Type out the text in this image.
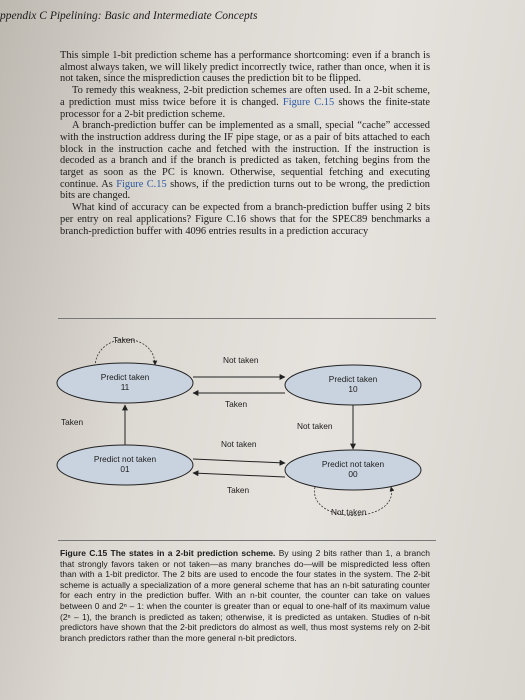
ppendix C Pipelining: Basic and Intermediate Concepts

This simple 1-bit prediction scheme has a performance shortcoming: even if a branch is almost always taken, we will likely predict incorrectly twice, rather than once, when it is not taken, since the misprediction causes the prediction bit to be flipped.

To remedy this weakness, 2-bit prediction schemes are often used. In a 2-bit scheme, a prediction must miss twice before it is changed. Figure C.15 shows the finite-state processor for a 2-bit prediction scheme.

A branch-prediction buffer can be implemented as a small, special “cache” accessed with the instruction address during the IF pipe stage, or as a pair of bits attached to each block in the instruction cache and fetched with the instruction. If the instruction is decoded as a branch and if the branch is predicted as taken, fetching begins from the target as soon as the PC is known. Otherwise, sequential fetching and executing continue. As Figure C.15 shows, if the prediction turns out to be wrong, the prediction bits are changed.

What kind of accuracy can be expected from a branch-prediction buffer using 2 bits per entry on real applications? Figure C.16 shows that for the SPEC89 benchmarks a branch-prediction buffer with 4096 entries results in a prediction accuracy

Taken
Predict taken
11
Predict taken
10
Predict not taken
01	Predict not taken
00
Not taken
Taken
Taken	Not taken
Not taken
Taken
Not taken
Figure C.15 The states in a 2-bit prediction scheme. By using 2 bits rather than 1, a branch that strongly favors taken or not taken—as many branches do—will be mispredicted less often than with a 1-bit predictor. The 2 bits are used to encode the four states in the system. The 2-bit scheme is actually a specialization of a more general scheme that has an n-bit saturating counter for each entry in the prediction buffer. With an n-bit counter, the counter can take on values between 0 and 2ⁿ – 1: when the counter is greater than or equal to one-half of its maximum value (2ⁿ – 1), the branch is predicted as taken; otherwise, it is predicted as untaken. Studies of n-bit predictors have shown that the 2-bit predictors do almost as well, thus most systems rely on 2-bit branch predictors rather than the more general n-bit predictors.
